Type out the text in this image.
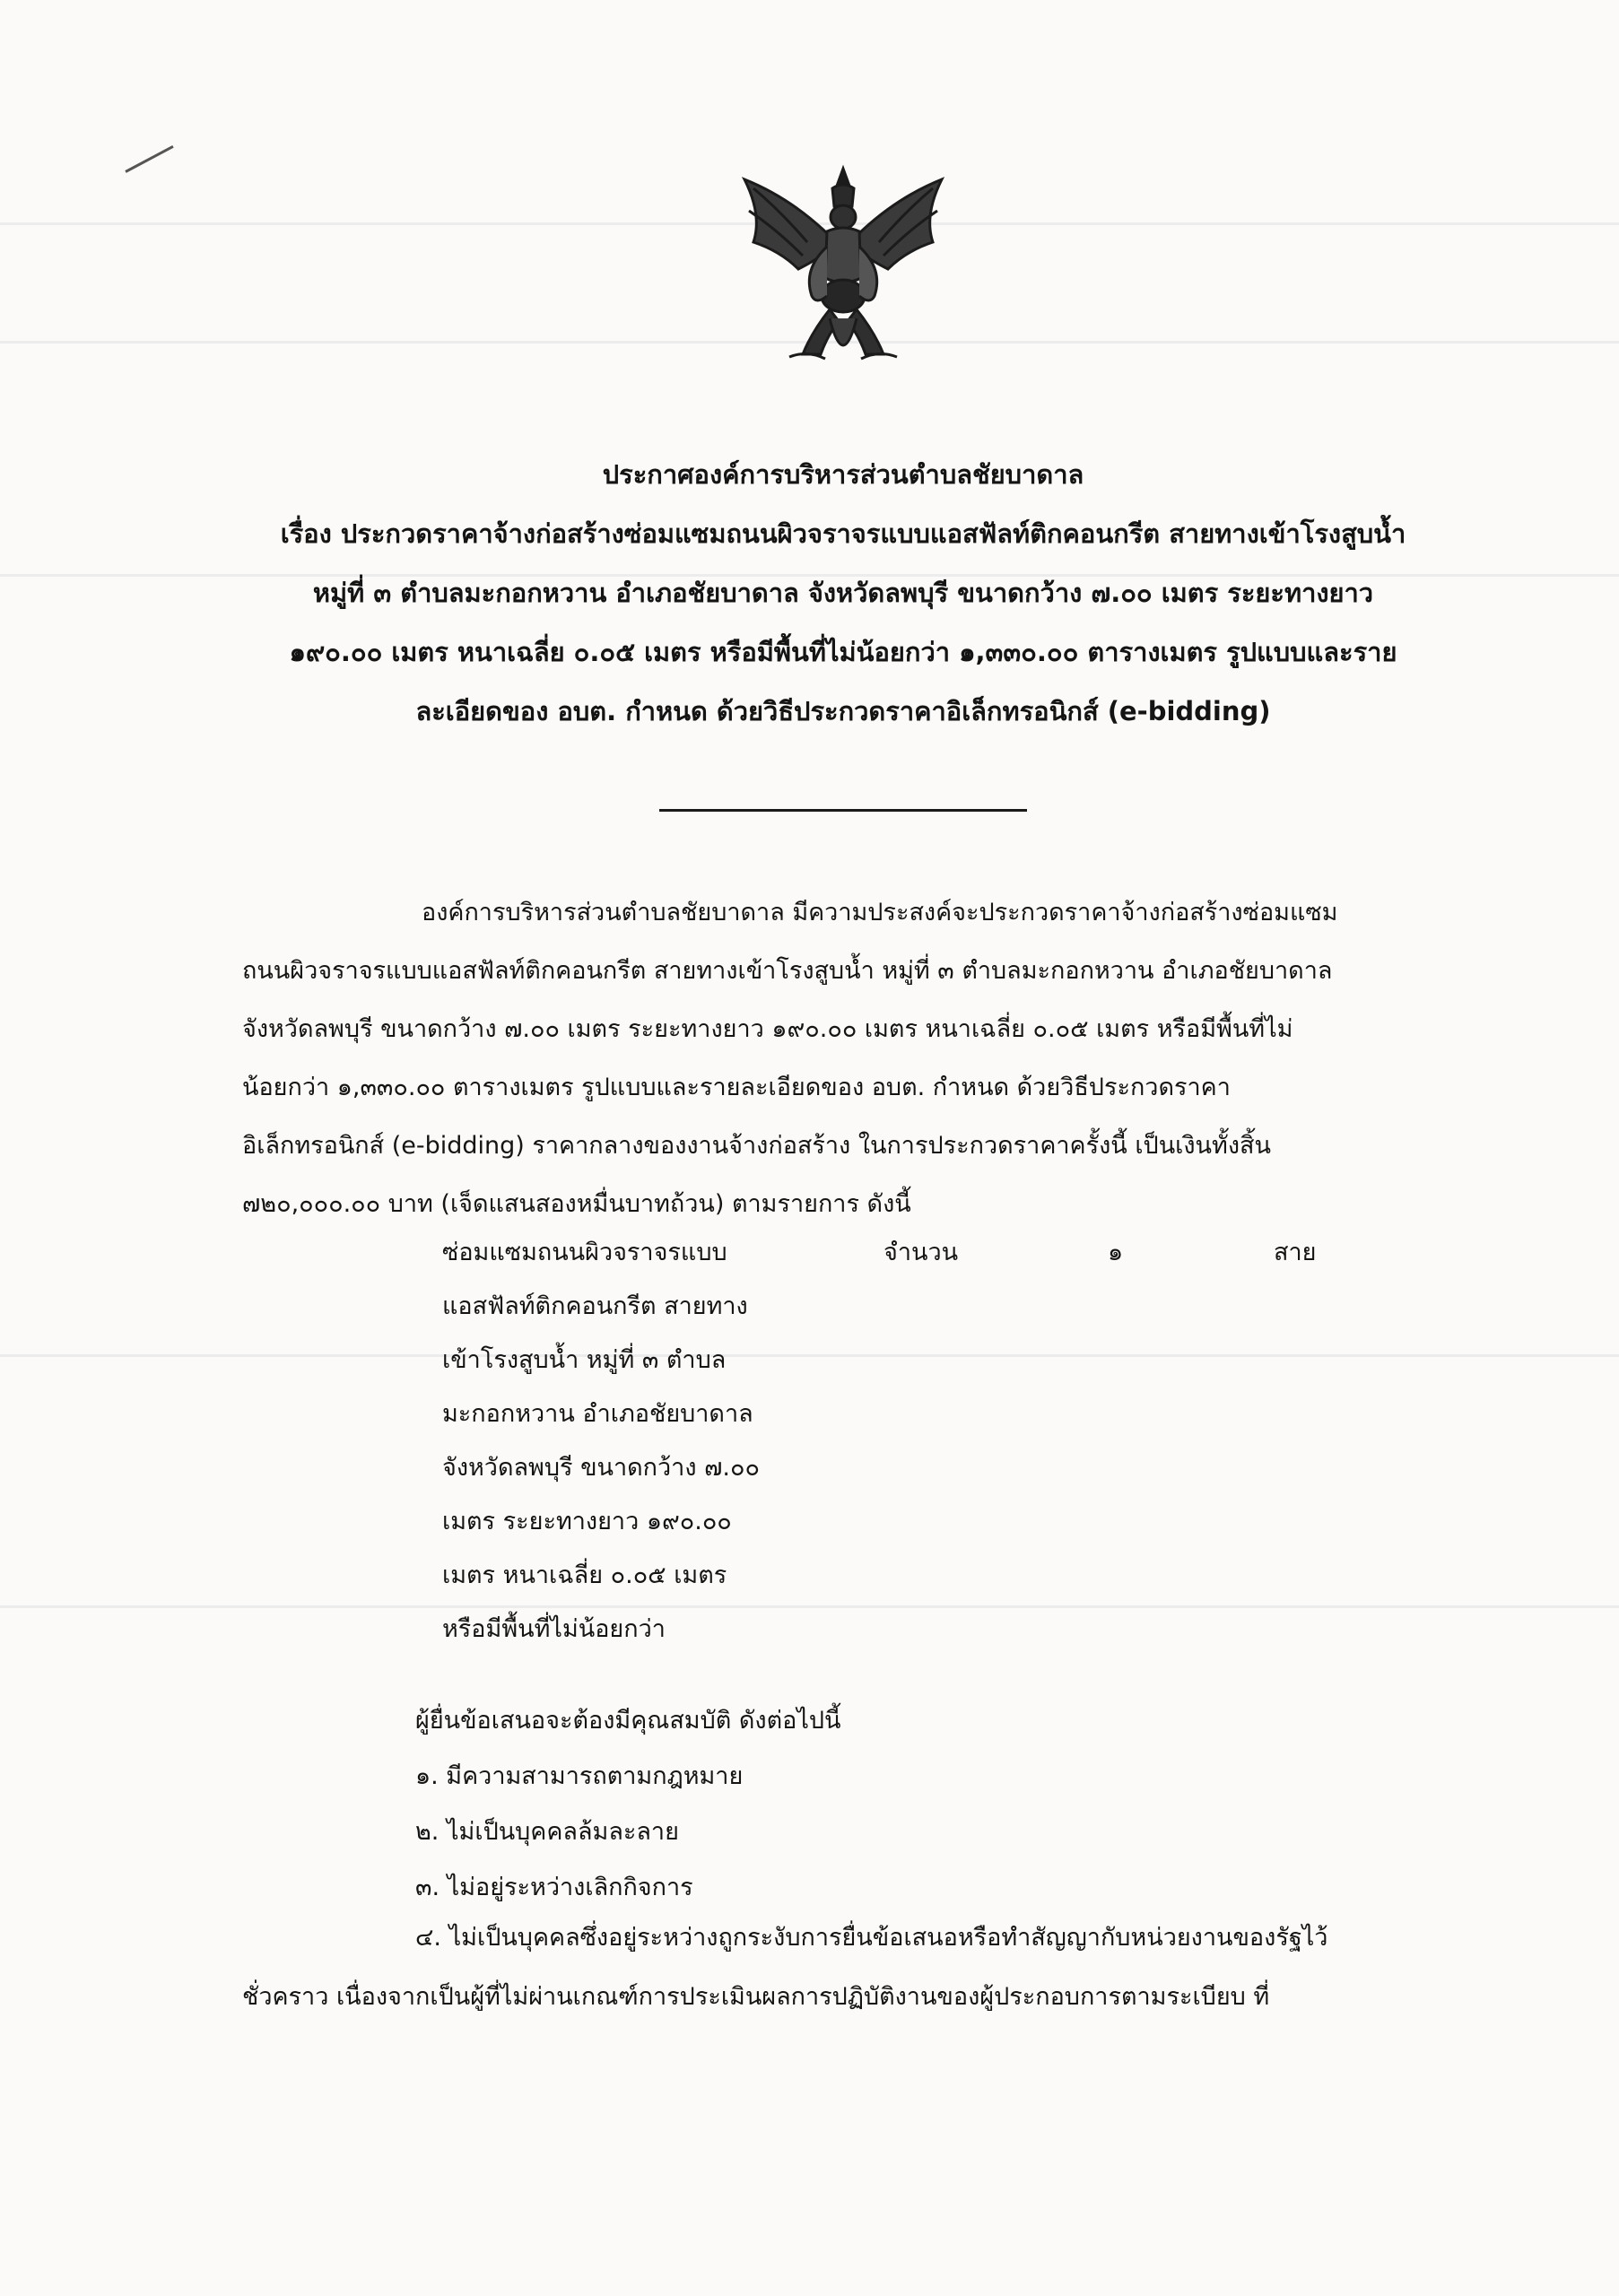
ประกาศองค์การบริหารส่วนตำบลชัยบาดาล
เรื่อง ประกวดราคาจ้างก่อสร้างซ่อมแซมถนนผิวจราจรแบบแอสฟัลท์ติกคอนกรีต สายทางเข้าโรงสูบน้ำ
หมู่ที่ ๓ ตำบลมะกอกหวาน อำเภอชัยบาดาล จังหวัดลพบุรี ขนาดกว้าง ๗.๐๐ เมตร ระยะทางยาว
๑๙๐.๐๐ เมตร หนาเฉลี่ย ๐.๐๕ เมตร หรือมีพื้นที่ไม่น้อยกว่า ๑,๓๓๐.๐๐ ตารางเมตร รูปแบบและราย
ละเอียดของ อบต. กำหนด ด้วยวิธีประกวดราคาอิเล็กทรอนิกส์ (e-bidding)
องค์การบริหารส่วนตำบลชัยบาดาล มีความประสงค์จะประกวดราคาจ้างก่อสร้างซ่อมแซม
ถนนผิวจราจรแบบแอสฟัลท์ติกคอนกรีต สายทางเข้าโรงสูบน้ำ หมู่ที่ ๓ ตำบลมะกอกหวาน อำเภอชัยบาดาล
จังหวัดลพบุรี ขนาดกว้าง ๗.๐๐ เมตร ระยะทางยาว ๑๙๐.๐๐ เมตร หนาเฉลี่ย ๐.๐๕ เมตร หรือมีพื้นที่ไม่
น้อยกว่า ๑,๓๓๐.๐๐ ตารางเมตร รูปแบบและรายละเอียดของ อบต. กำหนด ด้วยวิธีประกวดราคา
อิเล็กทรอนิกส์ (e-bidding) ราคากลางของงานจ้างก่อสร้าง ในการประกวดราคาครั้งนี้ เป็นเงินทั้งสิ้น
๗๒๐,๐๐๐.๐๐ บาท (เจ็ดแสนสองหมื่นบาทถ้วน) ตามรายการ ดังนี้
ซ่อมแซมถนนผิวจราจรแบบ
แอสฟัลท์ติกคอนกรีต สายทาง
เข้าโรงสูบน้ำ หมู่ที่ ๓ ตำบล
มะกอกหวาน อำเภอชัยบาดาล
จังหวัดลพบุรี ขนาดกว้าง ๗.๐๐
เมตร ระยะทางยาว ๑๙๐.๐๐
เมตร หนาเฉลี่ย ๐.๐๕ เมตร
หรือมีพื้นที่ไม่น้อยกว่า
จำนวน	๑	สาย
ผู้ยื่นข้อเสนอจะต้องมีคุณสมบัติ ดังต่อไปนี้
๑. มีความสามารถตามกฎหมาย
๒. ไม่เป็นบุคคลล้มละลาย
๓. ไม่อยู่ระหว่างเลิกกิจการ
๔. ไม่เป็นบุคคลซึ่งอยู่ระหว่างถูกระงับการยื่นข้อเสนอหรือทำสัญญากับหน่วยงานของรัฐไว้
ชั่วคราว เนื่องจากเป็นผู้ที่ไม่ผ่านเกณฑ์การประเมินผลการปฏิบัติงานของผู้ประกอบการตามระเบียบ ที่
